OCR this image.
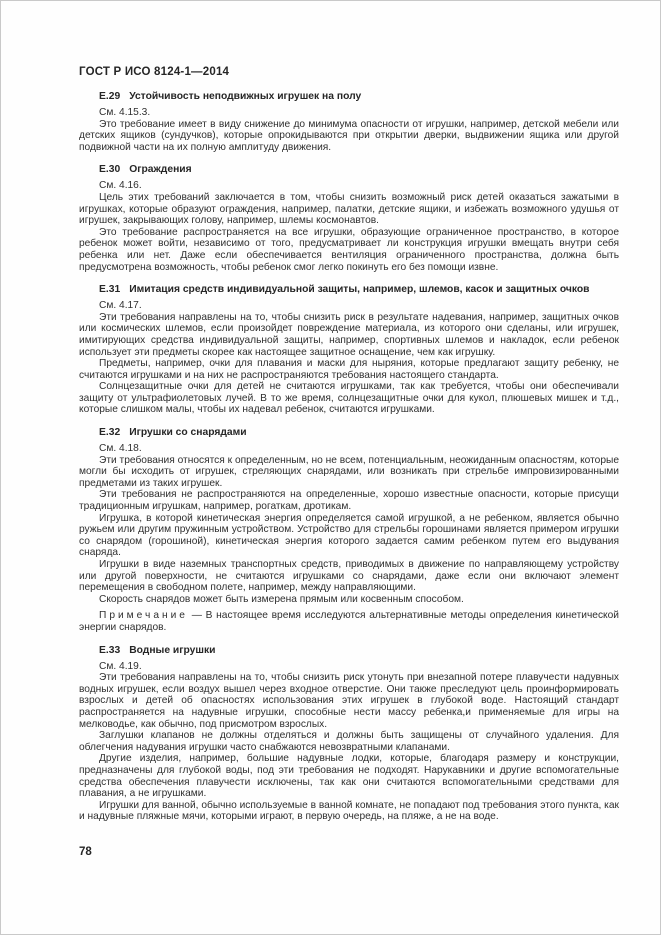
ГОСТ Р ИСО 8124-1—2014
Е.29 Устойчивость неподвижных игрушек на полу

См. 4.15.3.

Это требование имеет в виду снижение до минимума опасности от игрушки, например, детской мебели или детских ящиков (сундучков), которые опрокидываются при открытии дверки, выдвижении ящика или другой подвижной части на их полную амплитуду движения.

Е.30 Ограждения

См. 4.16.

Цель этих требований заключается в том, чтобы снизить возможный риск детей оказаться зажатыми в игрушках, которые образуют ограждения, например, палатки, детские ящики, и избежать возможного удушья от игрушек, закрывающих голову, например, шлемы космонавтов.

Это требование распространяется на все игрушки, образующие ограниченное пространство, в которое ребенок может войти, независимо от того, предусматривает ли конструкция игрушки вмещать внутри себя ребенка или нет. Даже если обеспечивается вентиляция ограниченного пространства, должна быть предусмотрена возможность, чтобы ребенок смог легко покинуть его без помощи извне.

Е.31 Имитация средств индивидуальной защиты, например, шлемов, касок и защитных очков

См. 4.17.

Эти требования направлены на то, чтобы снизить риск в результате надевания, например, защитных очков или космических шлемов, если произойдет повреждение материала, из которого они сделаны, или игрушек, имитирующих средства индивидуальной защиты, например, спортивных шлемов и накладок, если ребенок использует эти предметы скорее как настоящее защитное оснащение, чем как игрушку.

Предметы, например, очки для плавания и маски для ныряния, которые предлагают защиту ребенку, не считаются игрушками и на них не распространяются требования настоящего стандарта.

Солнцезащитные очки для детей не считаются игрушками, так как требуется, чтобы они обеспечивали защиту от ультрафиолетовых лучей. В то же время, солнцезащитные очки для кукол, плюшевых мишек и т.д., которые слишком малы, чтобы их надевал ребенок, считаются игрушками.

Е.32 Игрушки со снарядами

См. 4.18.

Эти требования относятся к определенным, но не всем, потенциальным, неожиданным опасностям, которые могли бы исходить от игрушек, стреляющих снарядами, или возникать при стрельбе импровизированными предметами из таких игрушек.

Эти требования не распространяются на определенные, хорошо известные опасности, которые присущи традиционным игрушкам, например, рогаткам, дротикам.

Игрушка, в которой кинетическая энергия определяется самой игрушкой, а не ребенком, является обычно ружьем или другим пружинным устройством. Устройство для стрельбы горошинами является примером игрушки со снарядом (горошиной), кинетическая энергия которого задается самим ребенком путем его выдувания снаряда.

Игрушки в виде наземных транспортных средств, приводимых в движение по направляющему устройству или другой поверхности, не считаются игрушками со снарядами, даже если они включают элемент перемещения в свободном полете, например, между направляющими.

Скорость снарядов может быть измерена прямым или косвенным способом.

Примечание — В настоящее время исследуются альтернативные методы определения кинетической энергии снарядов.

Е.33 Водные игрушки

См. 4.19.

Эти требования направлены на то, чтобы снизить риск утонуть при внезапной потере плавучести надувных водных игрушек, если воздух вышел через входное отверстие. Они также преследуют цель проинформировать взрослых и детей об опасностях использования этих игрушек в глубокой воде. Настоящий стандарт распространяется на надувные игрушки, способные нести массу ребенка,и применяемые для игры на мелководье, как обычно, под присмотром взрослых.

Заглушки клапанов не должны отделяться и должны быть защищены от случайного удаления. Для облегчения надувания игрушки часто снабжаются невозвратными клапанами.

Другие изделия, например, большие надувные лодки, которые, благодаря размеру и конструкции, предназначены для глубокой воды, под эти требования не подходят. Нарукавники и другие вспомогательные средства обеспечения плавучести исключены, так как они считаются вспомогательными средствами для плавания, а не игрушками.

Игрушки для ванной, обычно используемые в ванной комнате, не попадают под требования этого пункта, как и надувные пляжные мячи, которыми играют, в первую очередь, на пляже, а не на воде.

78
